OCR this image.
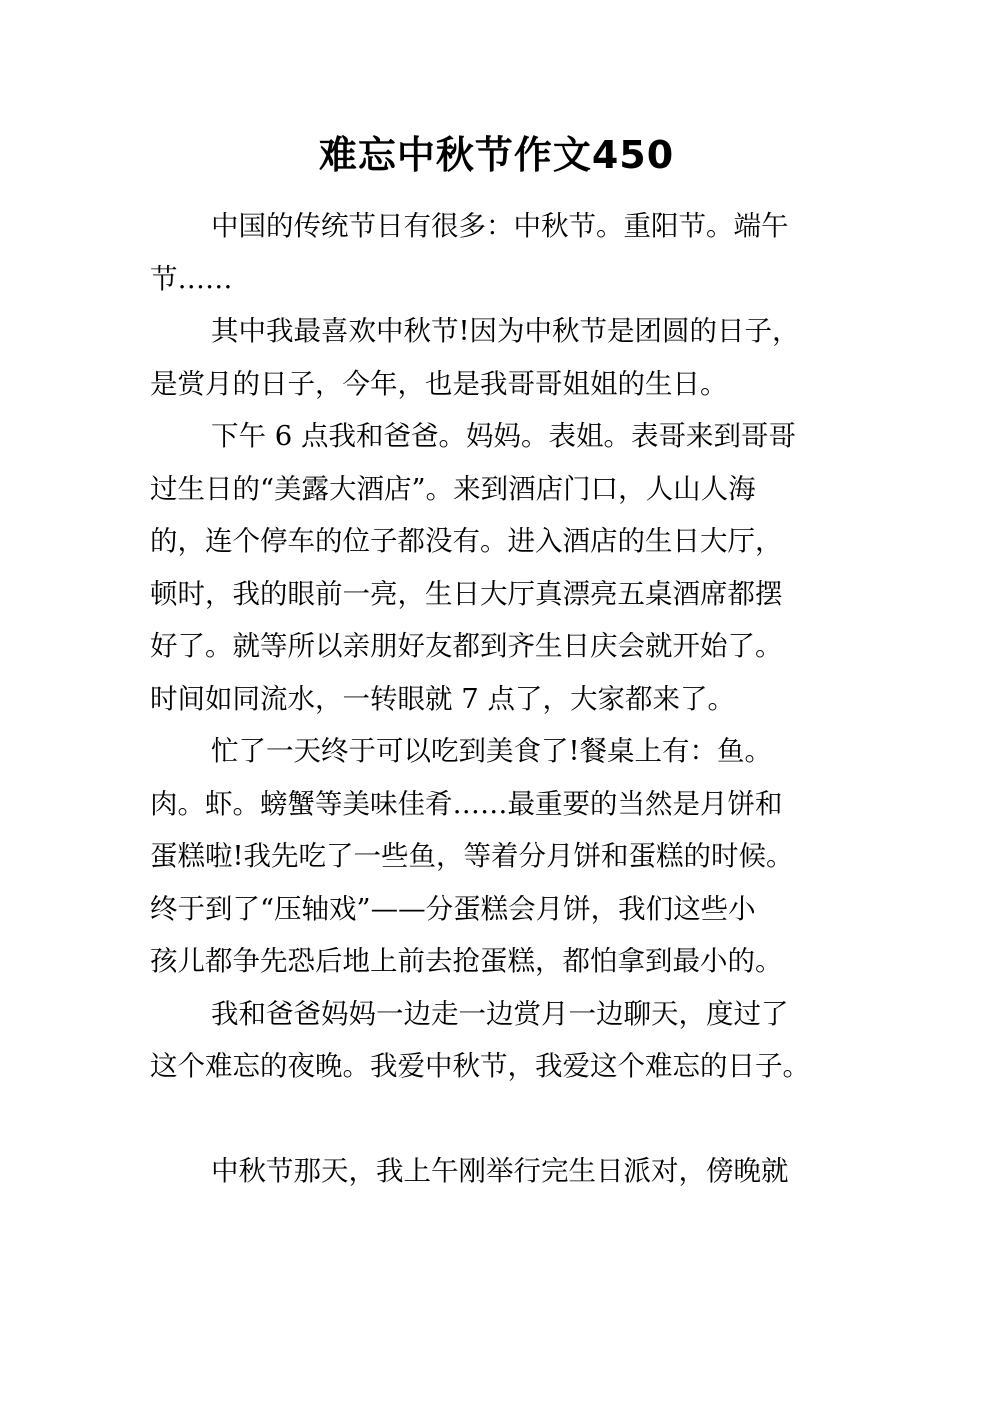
难忘中秋节作文450
中国的传统节日有很多：中秋节。重阳节。端午
节……
其中我最喜欢中秋节!因为中秋节是团圆的日子，
是赏月的日子，今年，也是我哥哥姐姐的生日。
下午 6 点我和爸爸。妈妈。表姐。表哥来到哥哥
过生日的“美露大酒店”。来到酒店门口，人山人海
的，连个停车的位子都没有。进入酒店的生日大厅，
顿时，我的眼前一亮，生日大厅真漂亮五桌酒席都摆
好了。就等所以亲朋好友都到齐生日庆会就开始了。
时间如同流水，一转眼就 7 点了，大家都来了。
忙了一天终于可以吃到美食了!餐桌上有：鱼。
肉。虾。螃蟹等美味佳肴……最重要的当然是月饼和
蛋糕啦!我先吃了一些鱼，等着分月饼和蛋糕的时候。
终于到了“压轴戏”——分蛋糕会月饼，我们这些小
孩儿都争先恐后地上前去抢蛋糕，都怕拿到最小的。
我和爸爸妈妈一边走一边赏月一边聊天，度过了
这个难忘的夜晚。我爱中秋节，我爱这个难忘的日子。
中秋节那天，我上午刚举行完生日派对，傍晚就
